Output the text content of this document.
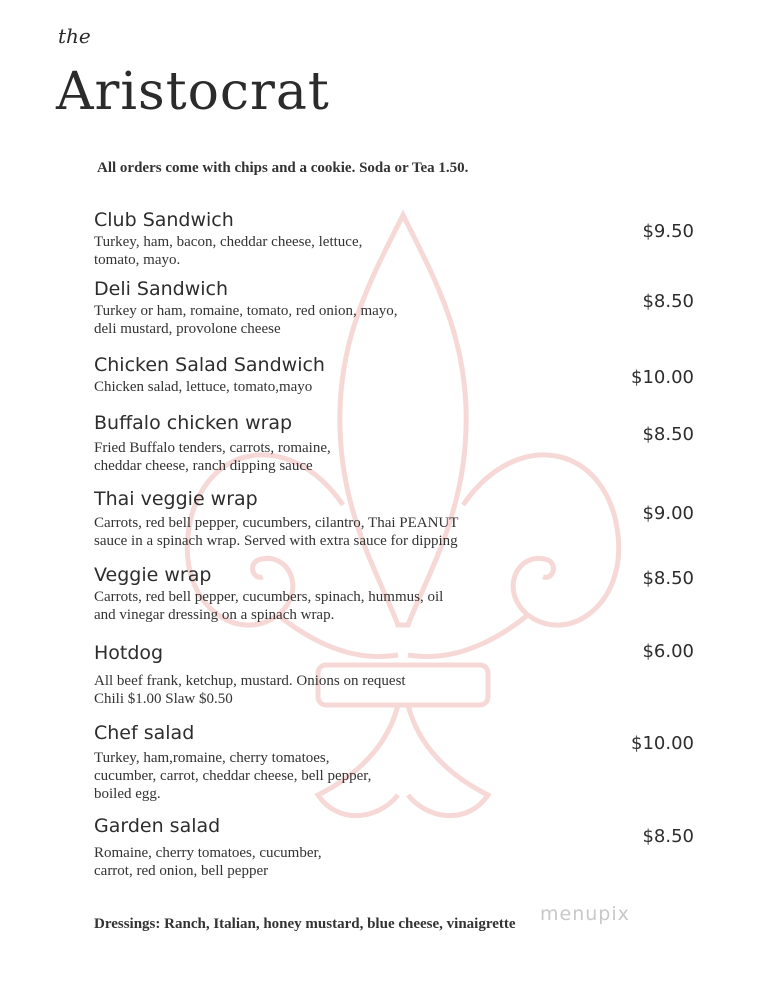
the
Aristocrat
All orders come with chips and a cookie. Soda or Tea 1.50.
Club Sandwich
Turkey, ham, bacon, cheddar cheese, lettuce,
tomato, mayo.
$9.50
Deli Sandwich
Turkey or ham, romaine, tomato, red onion, mayo,
deli mustard, provolone cheese
$8.50
Chicken Salad Sandwich
Chicken salad, lettuce, tomato,mayo	$10.00
Buffalo chicken wrap
Fried Buffalo tenders, carrots, romaine,
cheddar cheese, ranch dipping sauce
$8.50
Thai veggie wrap
Carrots, red bell pepper, cucumbers, cilantro, Thai PEANUT
sauce in a spinach wrap. Served with extra sauce for dipping
$9.00
Veggie wrap
Carrots, red bell pepper, cucumbers, spinach, hummus, oil
and vinegar dressing on a spinach wrap.
$8.50
Hotdog
All beef frank, ketchup, mustard. Onions on request
Chili $1.00 Slaw $0.50
$6.00
Chef salad
Turkey, ham,romaine, cherry tomatoes,
cucumber, carrot, cheddar cheese, bell pepper,
boiled egg.
$10.00
Garden salad
Romaine, cherry tomatoes, cucumber,
carrot, red onion, bell pepper
$8.50
menupix
Dressings: Ranch, Italian, honey mustard, blue cheese, vinaigrette
